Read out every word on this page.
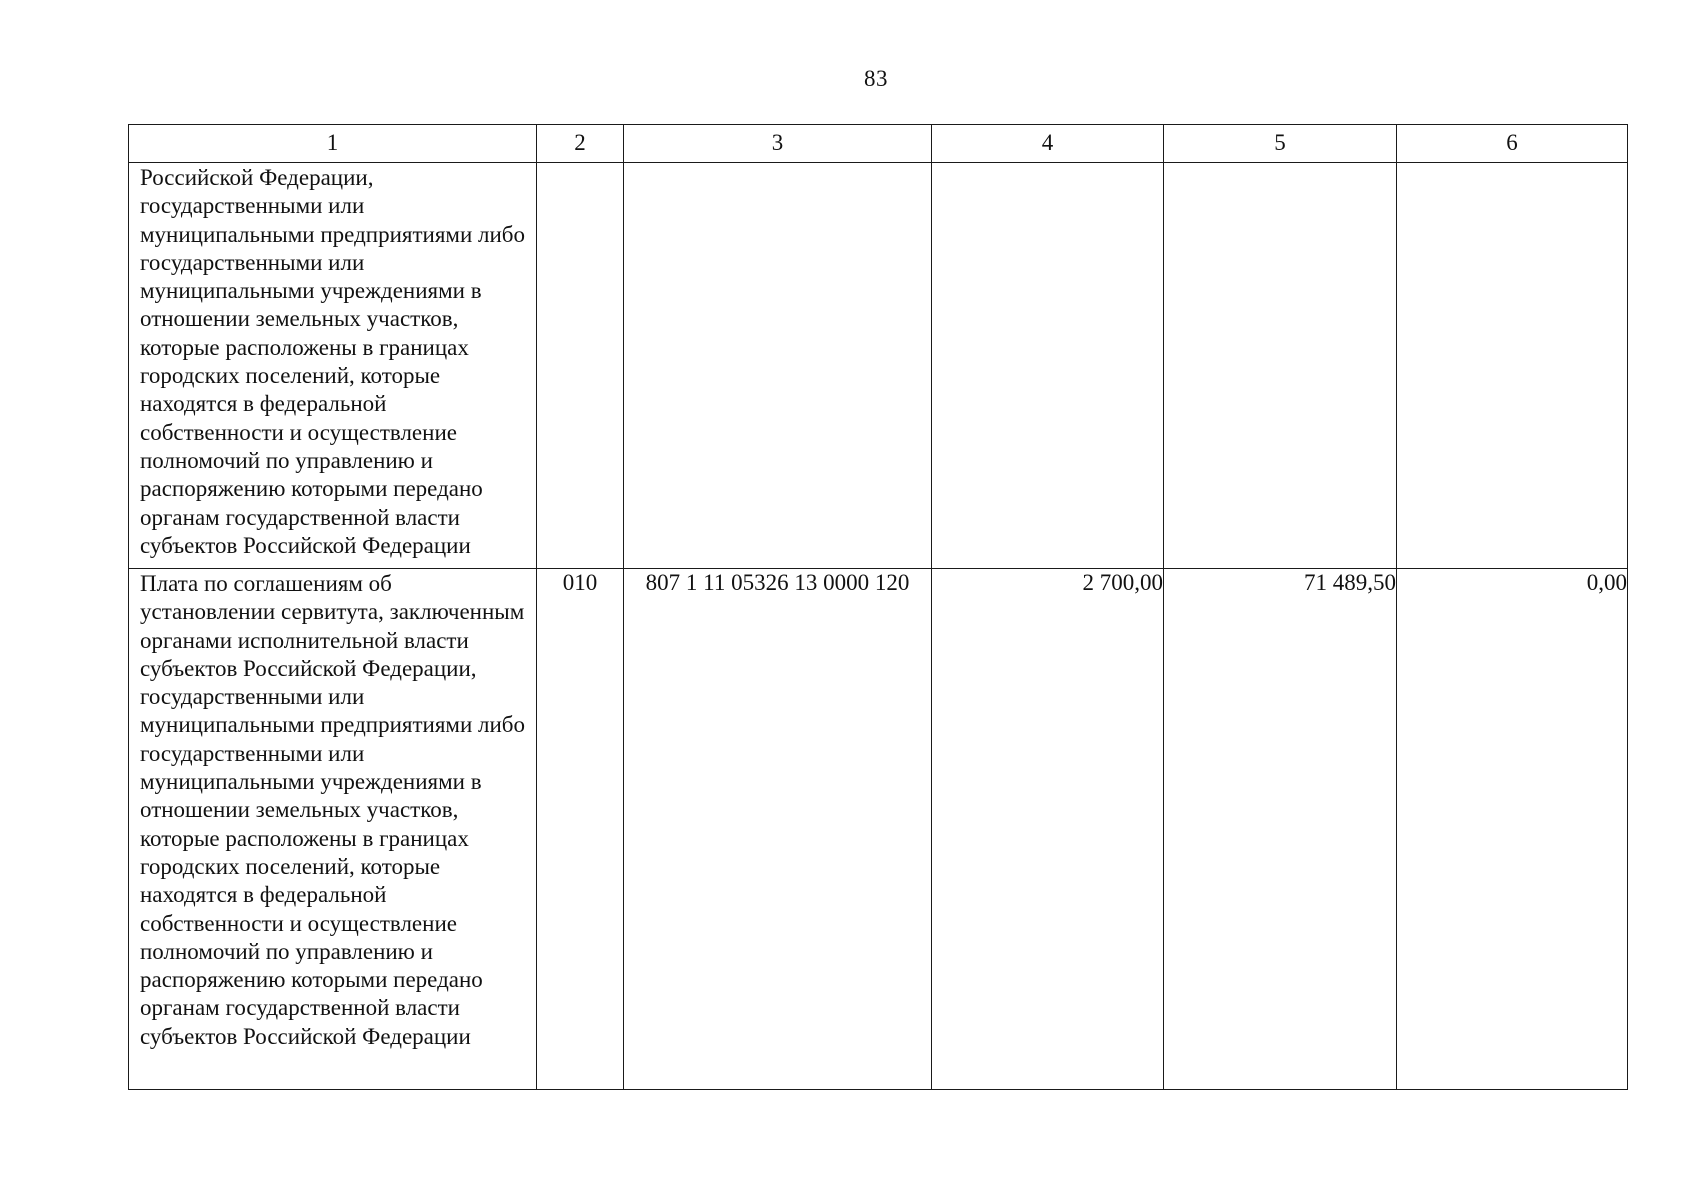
83
1	2	3	4	5	6

Российской Федерации, государственными или муниципальными предприятиями либо государственными или муниципальными учреждениями в отношении земельных участков, которые расположены в границах городских поселений, которые находятся в федеральной собственности и осуществление полномочий по управлению и распоряжению которыми передано органам государственной власти субъектов Российской Федерации					

Плата по соглашениям об установлении сервитута, заключенным органами исполнительной власти субъектов Российской Федерации, государственными или муниципальными предприятиями либо государственными или муниципальными учреждениями в отношении земельных участков, которые расположены в границах городских поселений, которые находятся в федеральной собственности и осуществление полномочий по управлению и распоряжению которыми передано органам государственной власти субъектов Российской Федерации	010	807 1 11 05326 13 0000 120	2 700,00	71 489,50	0,00
